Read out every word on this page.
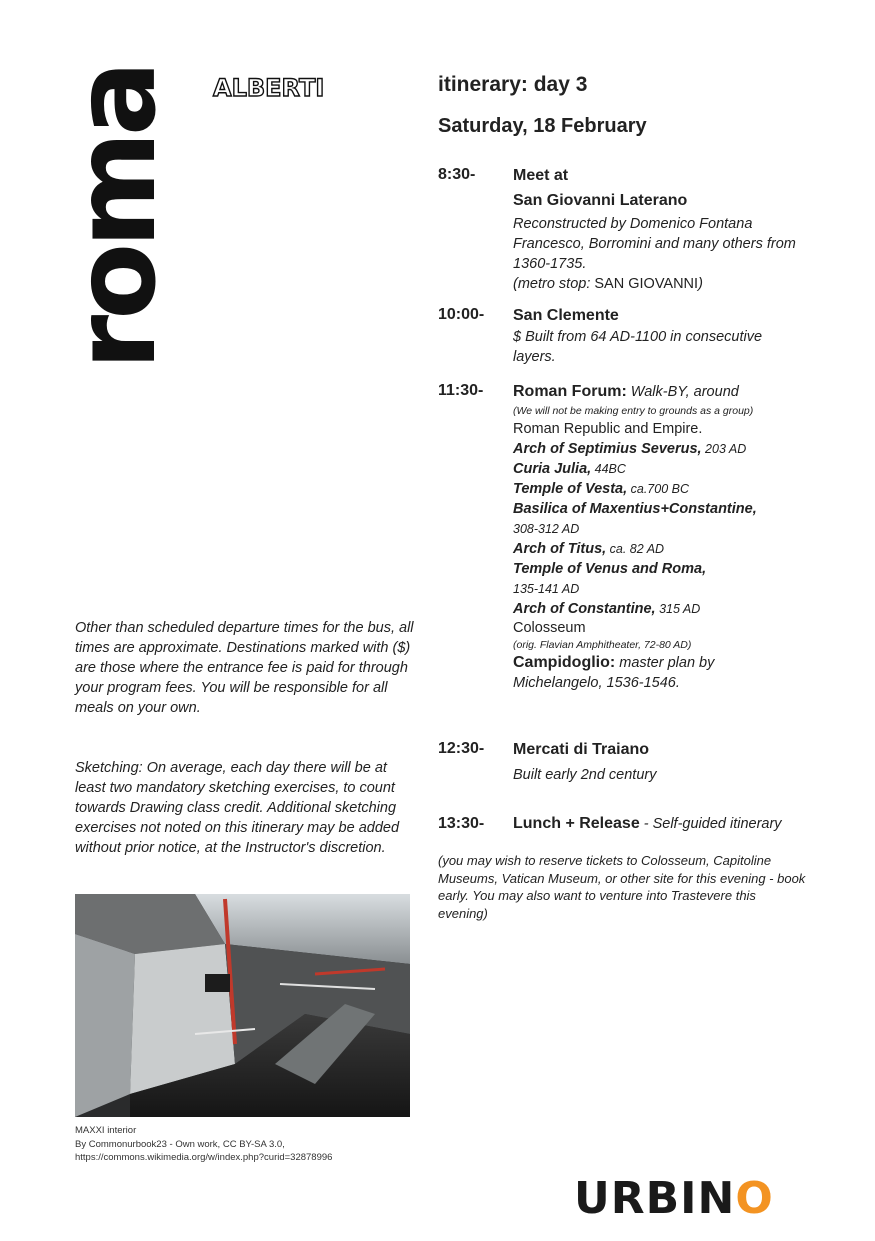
roma ALBERTI	itinerary: day 3
Saturday, 18 February
8:30- Meet at
San Giovanni Laterano
Reconstructed by Domenico Fontana Francesco, Borromini and many others from 1360-1735.
(metro stop: SAN GIOVANNI)
10:00- San Clemente
$ Built from 64 AD-1100 in consecutive layers.
11:30- Roman Forum: Walk-BY, around
(We will not be making entry to grounds as a group)
Roman Republic and Empire.
Arch of Septimius Severus, 203 AD
Curia Julia, 44BC
Temple of Vesta, ca.700 BC
Basilica of Maxentius+Constantine,
308-312 AD
Arch of Titus, ca. 82 AD
Temple of Venus and Roma,
135-141 AD
Arch of Constantine, 315 AD
Colosseum
(orig. Flavian Amphitheater, 72-80 AD)
Campidoglio: master plan by Michelangelo, 1536-1546.
12:30- Mercati di Traiano
Built early 2nd century
13:30- Lunch + Release - Self-guided itinerary
(you may wish to reserve tickets to Colosseum, Capitoline Museums, Vatican Museum, or other site for this evening - book early. You may also want to venture into Trastevere this evening)
Other than scheduled departure times for the bus, all times are approximate. Destinations marked with ($) are those where the entrance fee is paid for through your program fees. You will be responsible for all meals on your own.
Sketching: On average, each day there will be at least two mandatory sketching exercises, to count towards Drawing class credit. Additional sketching exercises not noted on this itinerary may be added without prior notice, at the Instructor's discretion.
MAXXI interior
By Commonurbook23 - Own work, CC BY-SA 3.0, https://commons.wikimedia.org/w/index.php?curid=32878996
URBINO
